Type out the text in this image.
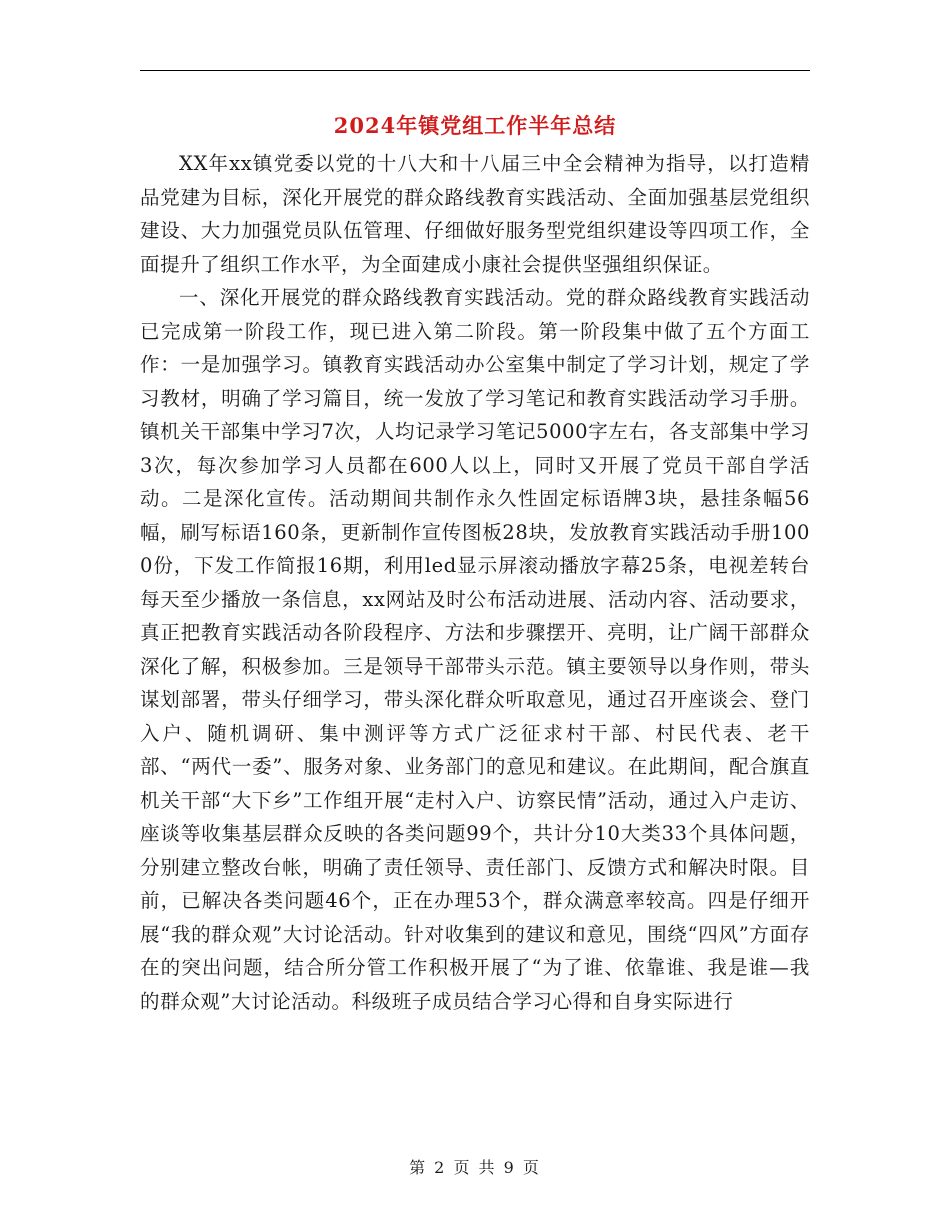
2024年镇党组工作半年总结

XX年xx镇党委以党的十八大和十八届三中全会精神为指导，以打造精品党建为目标，深化开展党的群众路线教育实践活动、全面加强基层党组织建设、大力加强党员队伍管理、仔细做好服务型党组织建设等四项工作，全面提升了组织工作水平，为全面建成小康社会提供坚强组织保证。

一、深化开展党的群众路线教育实践活动。党的群众路线教育实践活动已完成第一阶段工作，现已进入第二阶段。第一阶段集中做了五个方面工作：一是加强学习。镇教育实践活动办公室集中制定了学习计划，规定了学习教材，明确了学习篇目，统一发放了学习笔记和教育实践活动学习手册。镇机关干部集中学习7次，人均记录学习笔记5000字左右，各支部集中学习3次，每次参加学习人员都在600人以上，同时又开展了党员干部自学活动。二是深化宣传。活动期间共制作永久性固定标语牌3块，悬挂条幅56幅，刷写标语160条，更新制作宣传图板28块，发放教育实践活动手册1000份，下发工作简报16期，利用led显示屏滚动播放字幕25条，电视差转台每天至少播放一条信息，xx网站及时公布活动进展、活动内容、活动要求，真正把教育实践活动各阶段程序、方法和步骤摆开、亮明，让广阔干部群众深化了解，积极参加。三是领导干部带头示范。镇主要领导以身作则，带头谋划部署，带头仔细学习，带头深化群众听取意见，通过召开座谈会、登门入户、随机调研、集中测评等方式广泛征求村干部、村民代表、老干部、“两代一委”、服务对象、业务部门的意见和建议。在此期间，配合旗直机关干部“大下乡”工作组开展“走村入户、访察民情”活动，通过入户走访、座谈等收集基层群众反映的各类问题99个，共计分10大类33个具体问题，分别建立整改台帐，明确了责任领导、责任部门、反馈方式和解决时限。目前，已解决各类问题46个，正在办理53个，群众满意率较高。四是仔细开展“我的群众观”大讨论活动。针对收集到的建议和意见，围绕“四风”方面存在的突出问题，结合所分管工作积极开展了“为了谁、依靠谁、我是谁—我的群众观”大讨论活动。科级班子成员结合学习心得和自身实际进行

第 2 页 共 9 页
